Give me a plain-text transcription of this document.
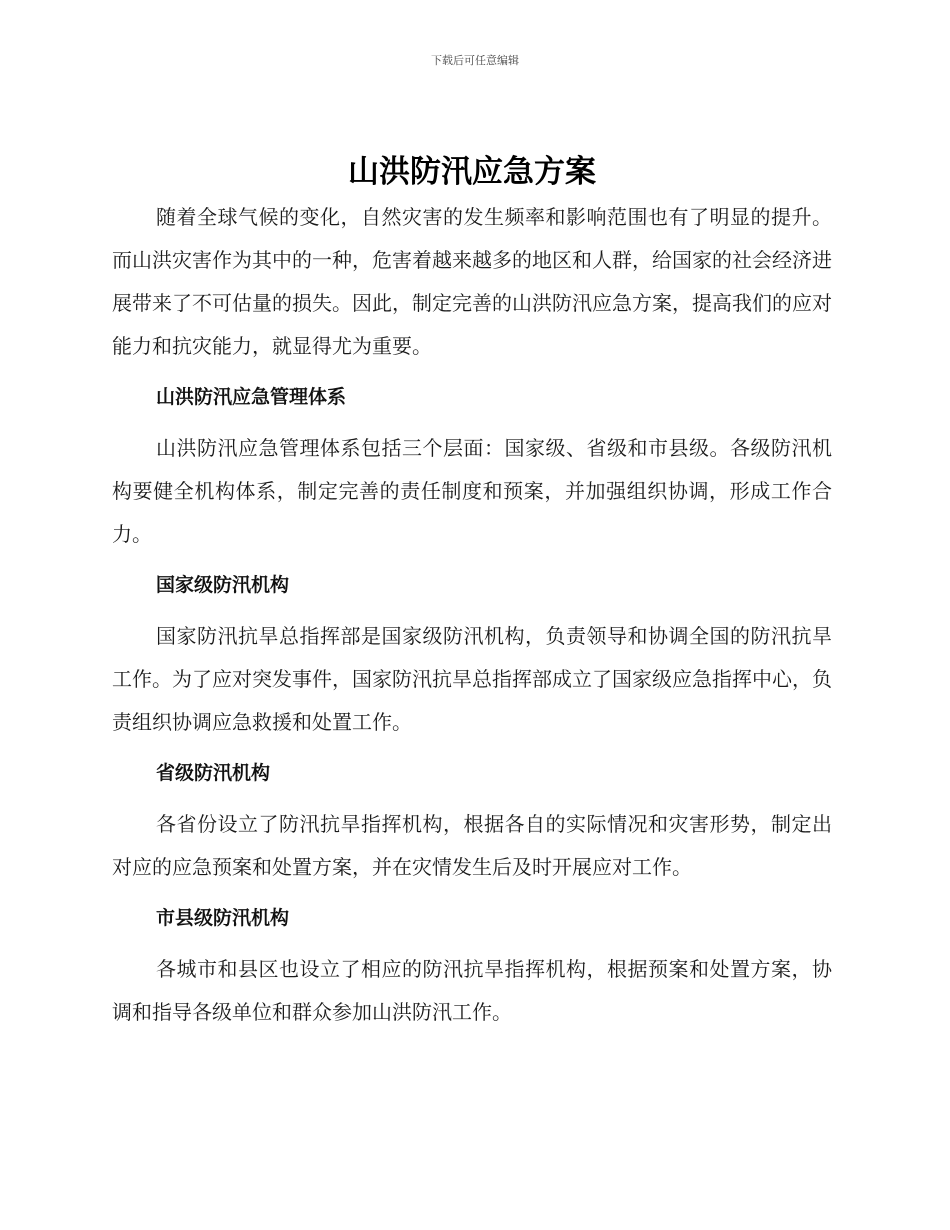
下载后可任意编辑
山洪防汛应急方案

随着全球气候的变化，自然灾害的发生频率和影响范围也有了明显的提升。而山洪灾害作为其中的一种，危害着越来越多的地区和人群，给国家的社会经济进展带来了不可估量的损失。因此，制定完善的山洪防汛应急方案，提高我们的应对能力和抗灾能力，就显得尤为重要。

山洪防汛应急管理体系

山洪防汛应急管理体系包括三个层面：国家级、省级和市县级。各级防汛机构要健全机构体系，制定完善的责任制度和预案，并加强组织协调，形成工作合力。

国家级防汛机构

国家防汛抗旱总指挥部是国家级防汛机构，负责领导和协调全国的防汛抗旱工作。为了应对突发事件，国家防汛抗旱总指挥部成立了国家级应急指挥中心，负责组织协调应急救援和处置工作。

省级防汛机构

各省份设立了防汛抗旱指挥机构，根据各自的实际情况和灾害形势，制定出对应的应急预案和处置方案，并在灾情发生后及时开展应对工作。

市县级防汛机构

各城市和县区也设立了相应的防汛抗旱指挥机构，根据预案和处置方案，协调和指导各级单位和群众参加山洪防汛工作。
